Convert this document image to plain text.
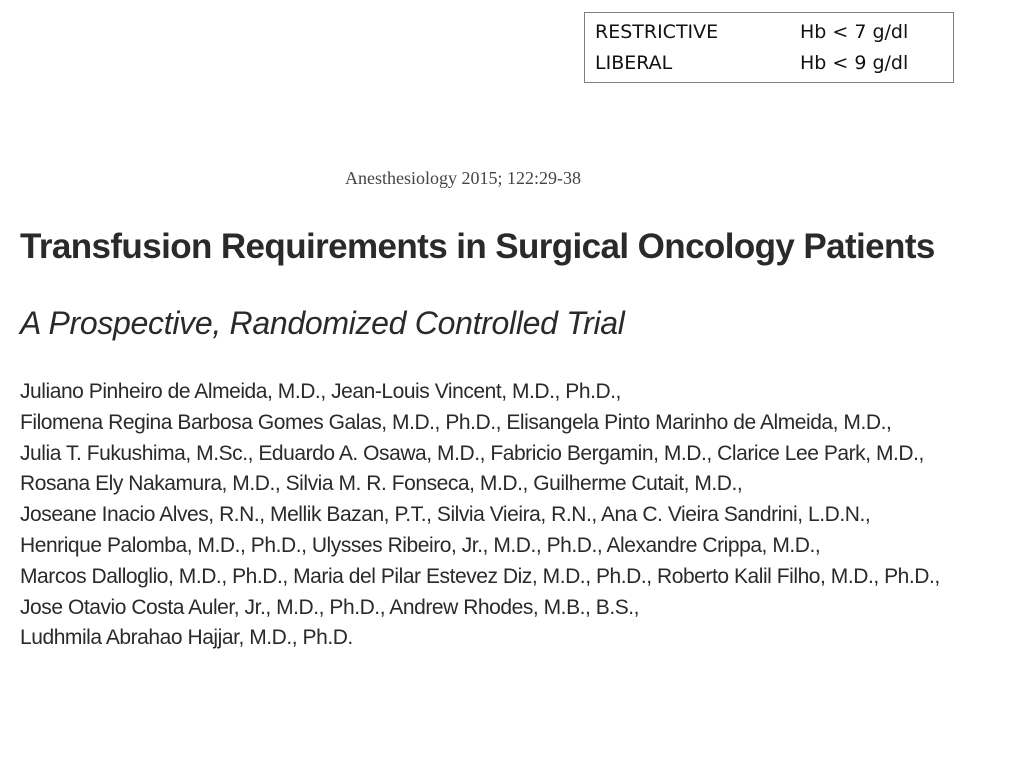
RESTRICTIVE	Hb < 7 g/dl
LIBERAL	Hb < 9 g/dl
Anesthesiology 2015; 122:29-38
Transfusion Requirements in Surgical Oncology Patients
A Prospective, Randomized Controlled Trial
Juliano Pinheiro de Almeida, M.D., Jean-Louis Vincent, M.D., Ph.D.,
Filomena Regina Barbosa Gomes Galas, M.D., Ph.D., Elisangela Pinto Marinho de Almeida, M.D.,
Julia T. Fukushima, M.Sc., Eduardo A. Osawa, M.D., Fabricio Bergamin, M.D., Clarice Lee Park, M.D.,
Rosana Ely Nakamura, M.D., Silvia M. R. Fonseca, M.D., Guilherme Cutait, M.D.,
Joseane Inacio Alves, R.N., Mellik Bazan, P.T., Silvia Vieira, R.N., Ana C. Vieira Sandrini, L.D.N.,
Henrique Palomba, M.D., Ph.D., Ulysses Ribeiro, Jr., M.D., Ph.D., Alexandre Crippa, M.D.,
Marcos Dalloglio, M.D., Ph.D., Maria del Pilar Estevez Diz, M.D., Ph.D., Roberto Kalil Filho, M.D., Ph.D.,
Jose Otavio Costa Auler, Jr., M.D., Ph.D., Andrew Rhodes, M.B., B.S.,
Ludhmila Abrahao Hajjar, M.D., Ph.D.
